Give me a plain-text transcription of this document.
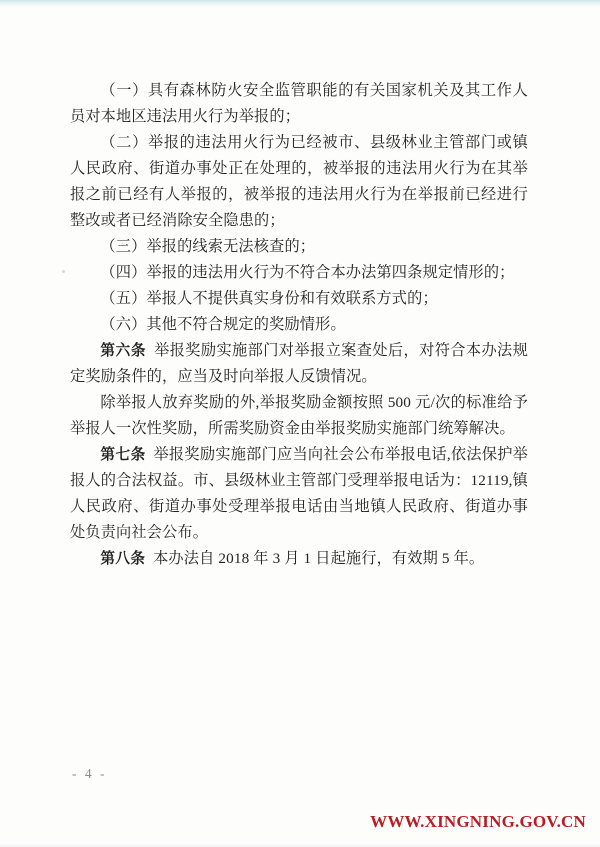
（一）具有森林防火安全监管职能的有关国家机关及其工作人员对本地区违法用火行为举报的；

（二）举报的违法用火行为已经被市、县级林业主管部门或镇人民政府、街道办事处正在处理的，被举报的违法用火行为在其举报之前已经有人举报的，被举报的违法用火行为在举报前已经进行整改或者已经消除安全隐患的；

（三）举报的线索无法核查的；

（四）举报的违法用火行为不符合本办法第四条规定情形的；

（五）举报人不提供真实身份和有效联系方式的；

（六）其他不符合规定的奖励情形。

第六条 举报奖励实施部门对举报立案查处后，对符合本办法规定奖励条件的，应当及时向举报人反馈情况。

除举报人放弃奖励的外,举报奖励金额按照 500 元/次的标准给予举报人一次性奖励，所需奖励资金由举报奖励实施部门统筹解决。

第七条 举报奖励实施部门应当向社会公布举报电话,依法保护举报人的合法权益。市、县级林业主管部门受理举报电话为：12119,镇人民政府、街道办事处受理举报电话由当地镇人民政府、街道办事处负责向社会公布。

第八条 本办法自 2018 年 3 月 1 日起施行，有效期 5 年。

- 4 -
WWW.XINGNING.GOV.CN
